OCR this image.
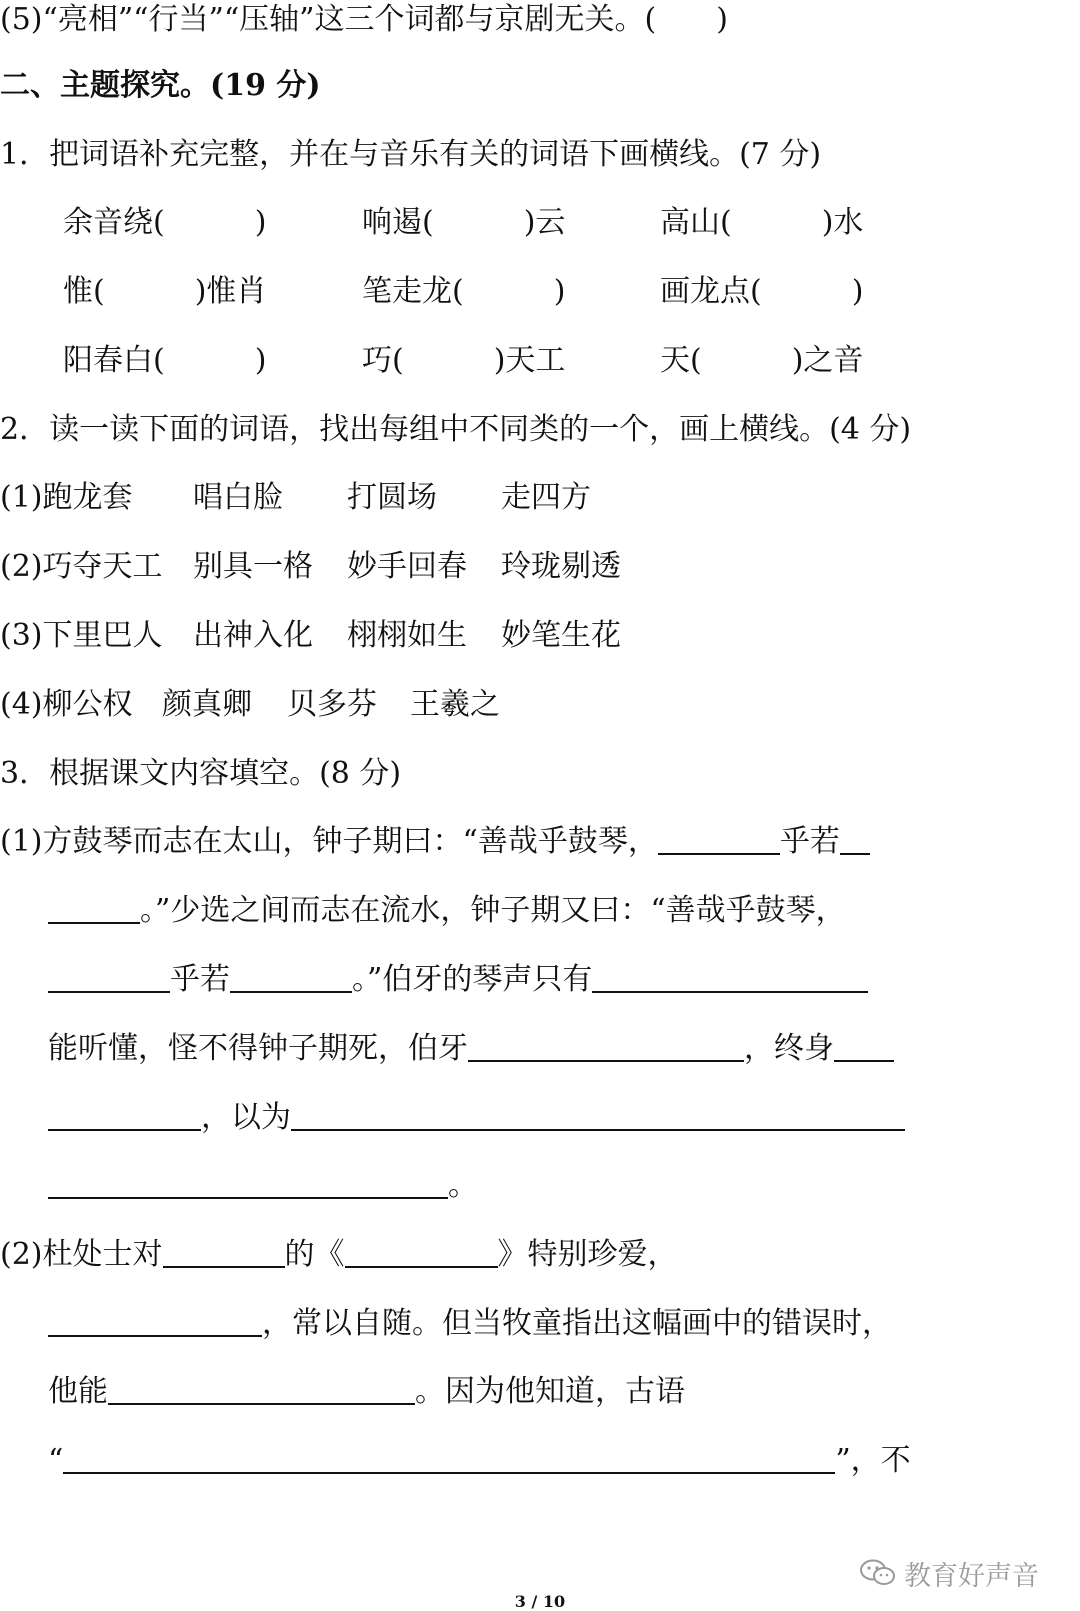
(5)“亮相”“行当”“压轴”这三个词都与京剧无关。(　　)
二、主题探究。(19 分)
1．把词语补充完整，并在与音乐有关的词语下画横线。(7 分)
余音绕(　　　)	响遏(　　　)云	高山(　　　)水
惟(　　　)惟肖	笔走龙(　　　)	画龙点(　　　)
阳春白(　　　)	巧(　　　)天工	天(　　　)之音
2．读一读下面的词语，找出每组中不同类的一个，画上横线。(4 分)
(1)跑龙套 唱白脸 打圆场 走四方
(2)巧夺天工 别具一格 妙手回春 玲珑剔透
(3)下里巴人 出神入化 栩栩如生 妙笔生花
(4)柳公权 颜真卿 贝多芬 王羲之
3．根据课文内容填空。(8 分)
(1)方鼓琴而志在太山，钟子期曰：“善哉乎鼓琴，	乎若
。”少选之间而志在流水，钟子期又曰：“善哉乎鼓琴，
乎若	。”伯牙的琴声只有
能听懂，怪不得钟子期死，伯牙	，终身
，以为
。
(2)杜处士对	的《	》特别珍爱，
，常以自随。但当牧童指出这幅画中的错误时，
他能	。因为他知道，古语
“	”，不
教育好声音
3 / 10
